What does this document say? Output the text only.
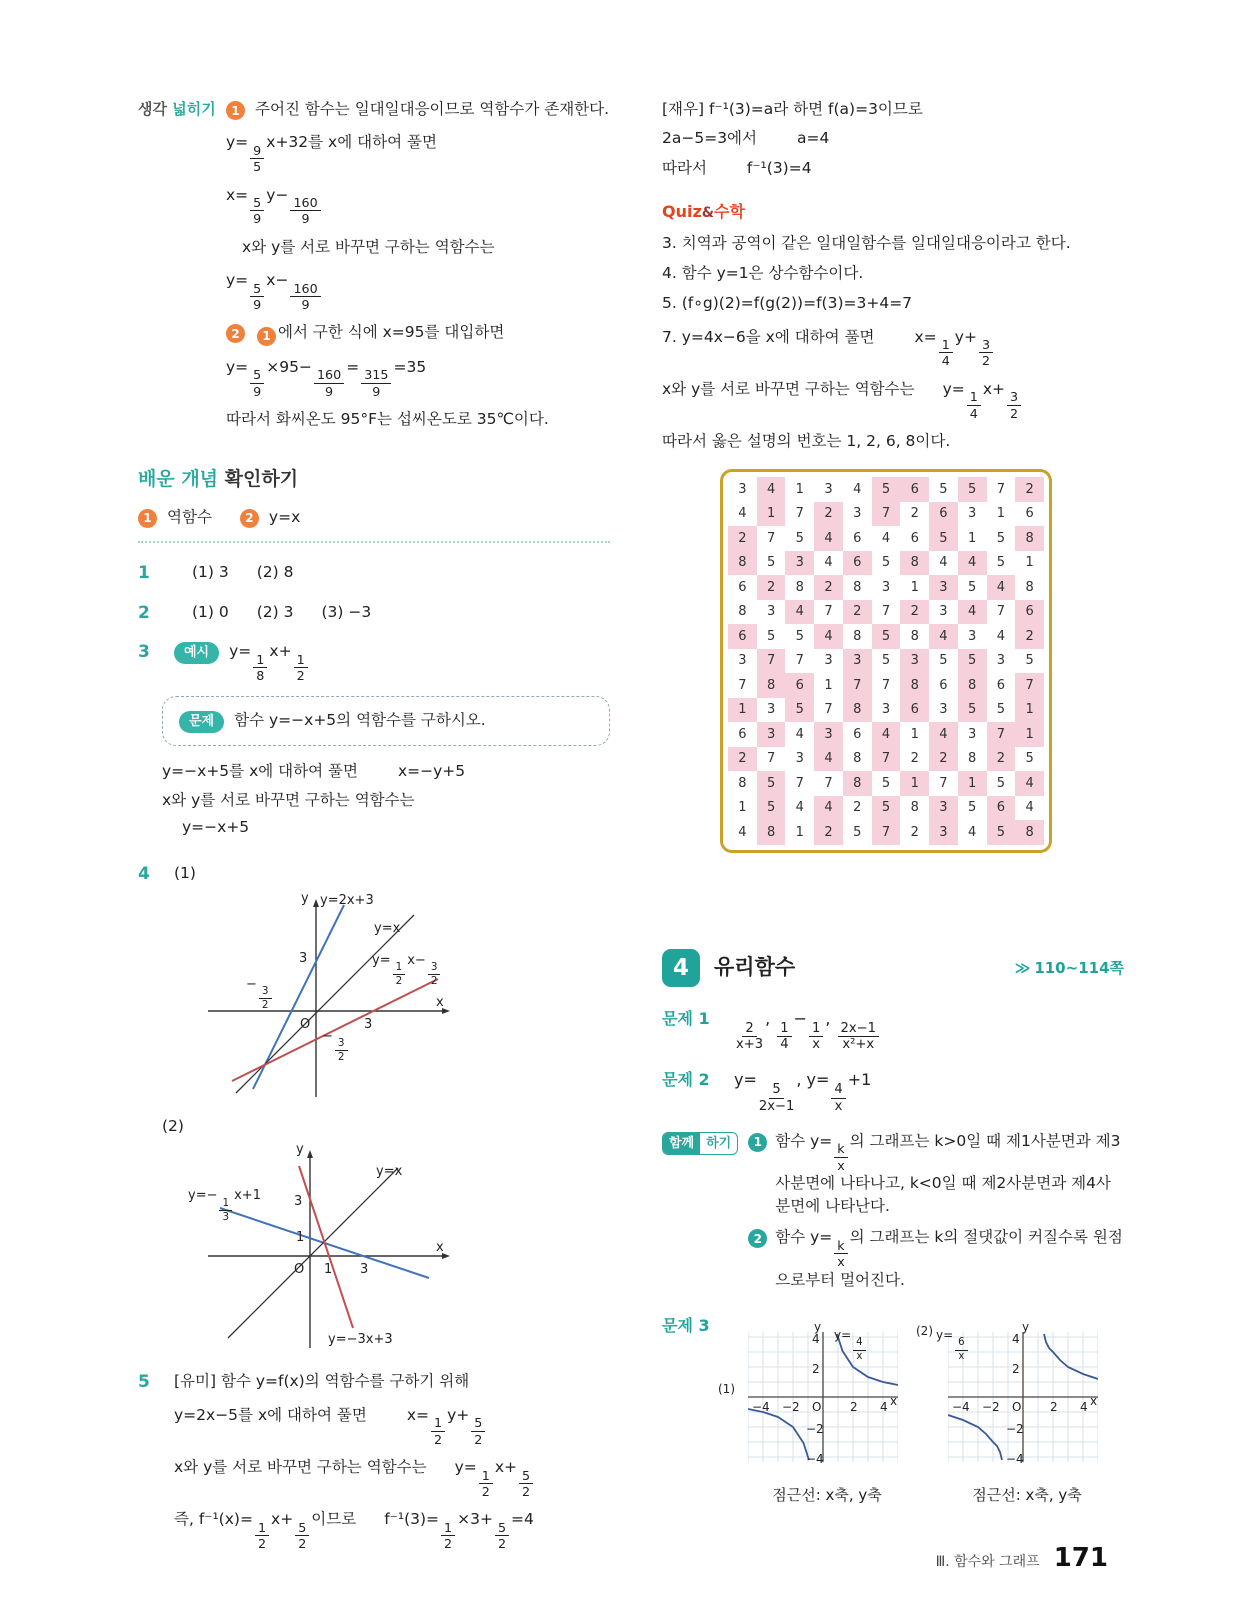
생각 넓히기	1 주어진 함수는 일대일대응이므로 역함수가 존재한다.
y=
$\frac{9}{5}$
x+32를 x에 대하여 풀면
x=
$\frac{5}{9}$
y−
$\frac{160}{9}$
x와 y를 서로 바꾸면 구하는 역함수는
y=
$\frac{5}{9}$
x−
$\frac{160}{9}$
2	1 에서 구한 식에 x=95를 대입하면
y=
$\frac{5}{9}$
×95−
$\frac{160}{9}$
=
$\frac{315}{9}$
=35
따라서 화씨온도 95°F는 섭씨온도로 35℃이다.
배운 개념 확인하기
1 역함수	2 y=x
1	(1) 3 (2) 8
2	(1) 0 (2) 3 (3) −3
3	예시	y=
$\frac{1}{8}$
x+
$\frac{1}{2}$
문제	함수 y=−x+5의 역함수를 구하시오.
y=−x+5를 x에 대하여 풀면	x=−y+5
x와 y를 서로 바꾸면 구하는 역함수는
y=−x+5
4	(1)
y y=2x+3
y=x
y=
$\frac{1}{2}$
x−
$\frac{3}{2}$
3
−
$\frac{3}{2}$
O	3
−
$\frac{3}{2}$
x
(2)
y
y=x
y=−
$\frac{1}{3}$
x+1	3
1
O 1 3
x
y=−3x+3
5	[유미] 함수 y=f(x)의 역함수를 구하기 위해
y=2x−5를 x에 대하여 풀면	x=
$\frac{1}{2}$
y+
$\frac{5}{2}$
x와 y를 서로 바꾸면 구하는 역함수는 y=
$\frac{1}{2}$
x+
$\frac{5}{2}$
즉, f⁻¹(x)=
$\frac{1}{2}$
x+
$\frac{5}{2}$
이므로 f⁻¹(3)=
$\frac{1}{2}$
×3+
$\frac{5}{2}$
=4
[재우] f⁻¹(3)=a라 하면 f(a)=3이므로
2a−5=3에서	a=4
따라서	f⁻¹(3)=4
Quiz&수학
3. 치역과 공역이 같은 일대일함수를 일대일대응이라고 한다.
4. 함수 y=1은 상수함수이다.
5. (f∘g)(2)=f(g(2))=f(3)=3+4=7
7. y=4x−6을 x에 대하여 풀면	x=
$\frac{1}{4}$
y+
$\frac{3}{2}$
x와 y를 서로 바꾸면 구하는 역함수는 y=
$\frac{1}{4}$
x+
$\frac{3}{2}$
따라서 옳은 설명의 번호는 1, 2, 6, 8이다.
3	4	1	3	4	5	6	5	5	7	2
4	1	7	2	3	7	2	6	3	1	6
2	7	5	4	6	4	6	5	1	5	8
8	5	3	4	6	5	8	4	4	5	1
6	2	8	2	8	3	1	3	5	4	8
8	3	4	7	2	7	2	3	4	7	6
6	5	5	4	8	5	8	4	3	4	2
3	7	7	3	3	5	3	5	5	3	5
7	8	6	1	7	7	8	6	8	6	7
1	3	5	7	8	3	6	3	5	5	1
6	3	4	3	6	4	1	4	3	7	1
2	7	3	4	8	7	2	2	8	2	5
8	5	7	7	8	5	1	7	1	5	4
1	5	4	4	2	5	8	3	5	6	4
4	8	1	2	5	7	2	3	4	5	8
4	유리함수	≫ 110~114쪽
문제 1
$\frac{2}{x+3}$
,
$\frac{1}{4}$
−
$\frac{1}{x}$
,
$\frac{2x-1}{\text{x²+x}}$
문제 2	y=
$\frac{5}{2x-1}$
, y=
$\frac{4}{x}$
+1
함께 하기	1 함수 y=
$\frac{k}{x}$
의 그래프는 k>0일 때 제1사분면과 제3사분면에 나타나고, k<0일 때 제2사분면과 제4사분면에 나타난다.
2 함수 y=
$\frac{k}{x}$
의 그래프는 k의 절댓값이 커질수록 원점으로부터 멀어진다.
문제 3
(1)
y
y=
$\frac{4}{x}$
4
2
−2
−4
−4 −2	2 4
O	x
점근선: x축, y축
(2)	y
y=
$\frac{6}{x}$	4
2
−2
−4
−4 −2	2 4
O	x
점근선: x축, y축
Ⅲ. 함수와 그래프 171
